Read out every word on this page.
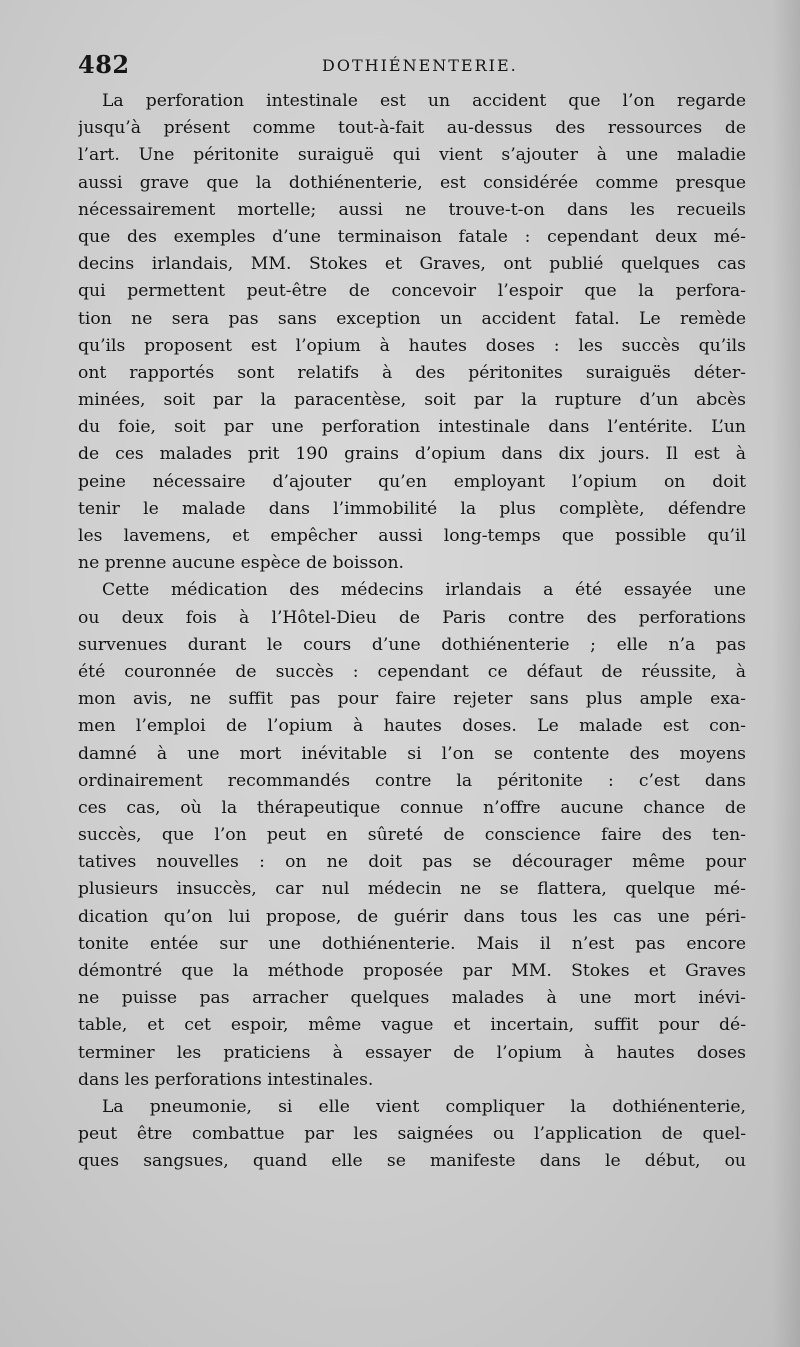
482	DOTHIÉNENTERIE.
La perforation intestinale est un accident que l’on regarde
jusqu’à présent comme tout-à-fait au-dessus des ressources de
l’art. Une péritonite suraiguë qui vient s’ajouter à une maladie
aussi grave que la dothiénenterie, est considérée comme presque
nécessairement mortelle; aussi ne trouve-t-on dans les recueils
que des exemples d’une terminaison fatale : cependant deux mé-
decins irlandais, MM. Stokes et Graves, ont publié quelques cas
qui permettent peut-être de concevoir l’espoir que la perfora-
tion ne sera pas sans exception un accident fatal. Le remède
qu’ils proposent est l’opium à hautes doses : les succès qu’ils
ont rapportés sont relatifs à des péritonites suraiguës déter-
minées, soit par la paracentèse, soit par la rupture d’un abcès
du foie, soit par une perforation intestinale dans l’entérite. L’un
de ces malades prit 190 grains d’opium dans dix jours. Il est à
peine nécessaire d’ajouter qu’en employant l’opium on doit
tenir le malade dans l’immobilité la plus complète, défendre
les lavemens, et empêcher aussi long-temps que possible qu’il
ne prenne aucune espèce de boisson.
Cette médication des médecins irlandais a été essayée une
ou deux fois à l’Hôtel-Dieu de Paris contre des perforations
survenues durant le cours d’une dothiénenterie ; elle n’a pas
été couronnée de succès : cependant ce défaut de réussite, à
mon avis, ne suffit pas pour faire rejeter sans plus ample exa-
men l’emploi de l’opium à hautes doses. Le malade est con-
damné à une mort inévitable si l’on se contente des moyens
ordinairement recommandés contre la péritonite : c’est dans
ces cas, où la thérapeutique connue n’offre aucune chance de
succès, que l’on peut en sûreté de conscience faire des ten-
tatives nouvelles : on ne doit pas se décourager même pour
plusieurs insuccès, car nul médecin ne se flattera, quelque mé-
dication qu’on lui propose, de guérir dans tous les cas une péri-
tonite entée sur une dothiénenterie. Mais il n’est pas encore
démontré que la méthode proposée par MM. Stokes et Graves
ne puisse pas arracher quelques malades à une mort inévi-
table, et cet espoir, même vague et incertain, suffit pour dé-
terminer les praticiens à essayer de l’opium à hautes doses
dans les perforations intestinales.
La pneumonie, si elle vient compliquer la dothiénenterie,
peut être combattue par les saignées ou l’application de quel-
ques sangsues, quand elle se manifeste dans le début, ou
